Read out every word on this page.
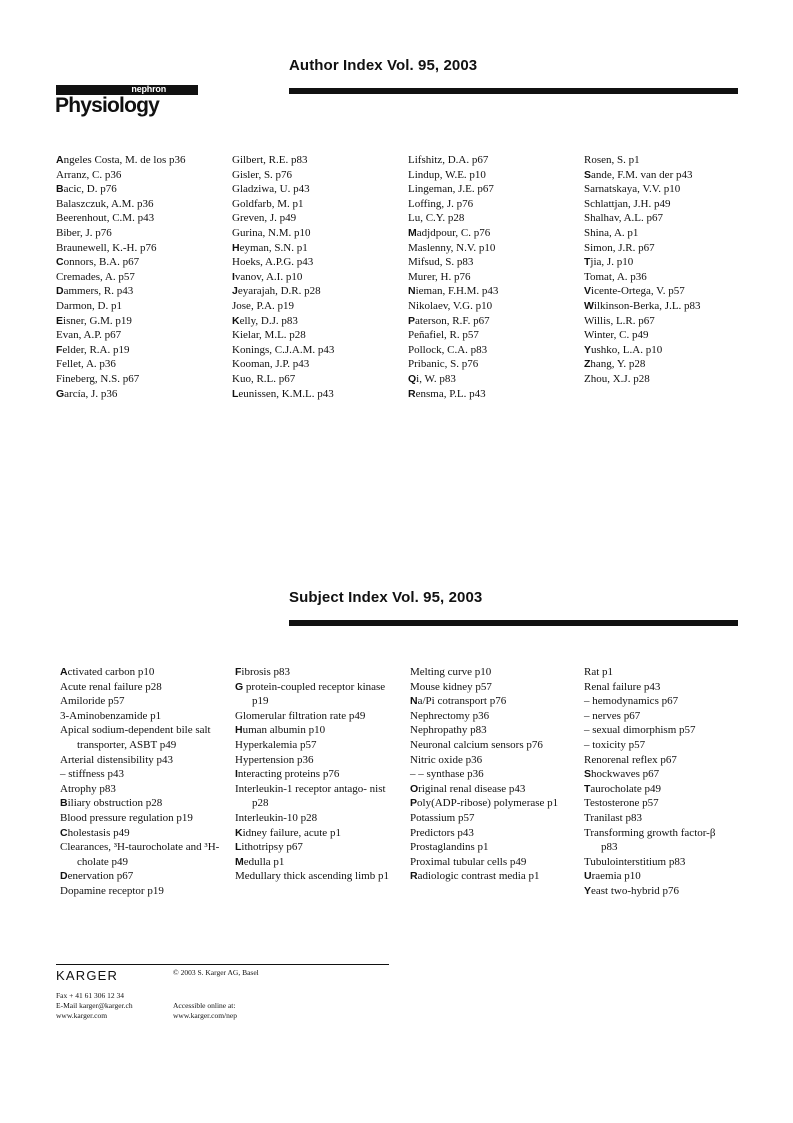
nephron
Physiology
Author Index Vol. 95, 2003
Angeles Costa, M. de los p36
Arranz, C. p36
Bacic, D. p76
Balaszczuk, A.M. p36
Beerenhout, C.M. p43
Biber, J. p76
Braunewell, K.-H. p76
Connors, B.A. p67
Cremades, A. p57
Dammers, R. p43
Darmon, D. p1
Eisner, G.M. p19
Evan, A.P. p67
Felder, R.A. p19
Fellet, A. p36
Fineberg, N.S. p67
García, J. p36
Gilbert, R.E. p83
Gisler, S. p76
Gladziwa, U. p43
Goldfarb, M. p1
Greven, J. p49
Gurina, N.M. p10
Heyman, S.N. p1
Hoeks, A.P.G. p43
Ivanov, A.I. p10
Jeyarajah, D.R. p28
Jose, P.A. p19
Kelly, D.J. p83
Kielar, M.L. p28
Konings, C.J.A.M. p43
Kooman, J.P. p43
Kuo, R.L. p67
Leunissen, K.M.L. p43
Lifshitz, D.A. p67
Lindup, W.E. p10
Lingeman, J.E. p67
Loffing, J. p76
Lu, C.Y. p28
Madjdpour, C. p76
Maslenny, N.V. p10
Mifsud, S. p83
Murer, H. p76
Nieman, F.H.M. p43
Nikolaev, V.G. p10
Paterson, R.F. p67
Peñafiel, R. p57
Pollock, C.A. p83
Pribanic, S. p76
Qi, W. p83
Rensma, P.L. p43
Rosen, S. p1
Sande, F.M. van der p43
Sarnatskaya, V.V. p10
Schlattjan, J.H. p49
Shalhav, A.L. p67
Shina, A. p1
Simon, J.R. p67
Tjia, J. p10
Tomat, A. p36
Vicente-Ortega, V. p57
Wilkinson-Berka, J.L. p83
Willis, L.R. p67
Winter, C. p49
Yushko, L.A. p10
Zhang, Y. p28
Zhou, X.J. p28
Subject Index Vol. 95, 2003
Activated carbon p10
Acute renal failure p28
Amiloride p57
3-Aminobenzamide p1
Apical sodium-dependent bile salt transporter, ASBT p49
Arterial distensibility p43
– stiffness p43
Atrophy p83
Biliary obstruction p28
Blood pressure regulation p19
Cholestasis p49
Clearances, ³H-taurocholate and ³H-cholate p49
Denervation p67
Dopamine receptor p19
Fibrosis p83
G protein-coupled receptor kinase p19
Glomerular filtration rate p49
Human albumin p10
Hyperkalemia p57
Hypertension p36
Interacting proteins p76
Interleukin-1 receptor antago- nist p28
Interleukin-10 p28
Kidney failure, acute p1
Lithotripsy p67
Medulla p1
Medullary thick ascending limb p1
Melting curve p10
Mouse kidney p57
Na/Pi cotransport p76
Nephrectomy p36
Nephropathy p83
Neuronal calcium sensors p76
Nitric oxide p36
– – synthase p36
Original renal disease p43
Poly(ADP-ribose) polymerase p1
Potassium p57
Predictors p43
Prostaglandins p1
Proximal tubular cells p49
Radiologic contrast media p1
Rat p1
Renal failure p43
– hemodynamics p67
– nerves p67
– sexual dimorphism p57
– toxicity p57
Renorenal reflex p67
Shockwaves p67
Taurocholate p49
Testosterone p57
Tranilast p83
Transforming growth factor-β p83
Tubulointerstitium p83
Uraemia p10
Yeast two-hybrid p76
KARGER	© 2003 S. Karger AG, Basel
Fax + 41 61 306 12 34
E-Mail karger@karger.ch
www.karger.com
Accessible online at:
www.karger.com/nep
